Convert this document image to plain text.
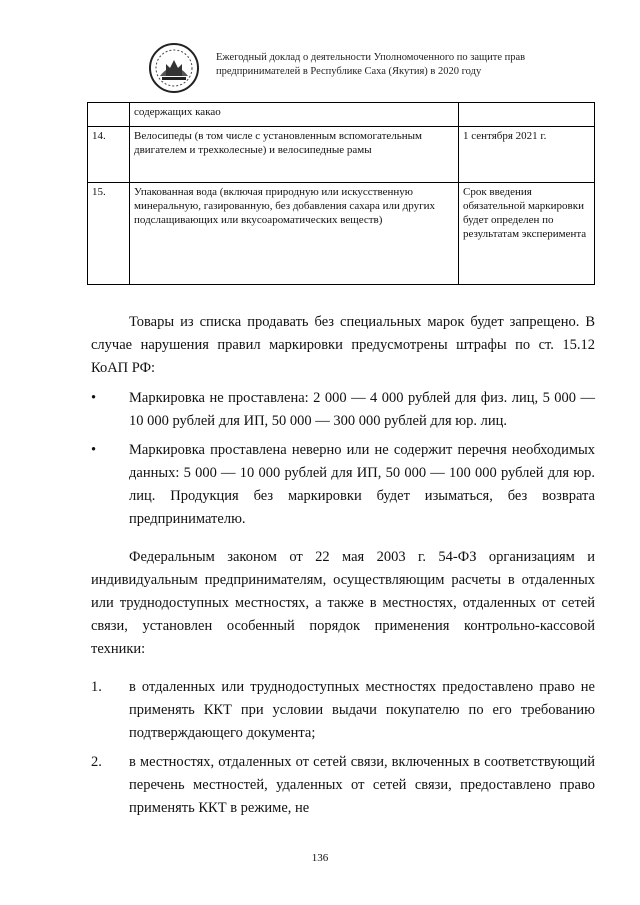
Ежегодный доклад о деятельности Уполномоченного по защите прав
предпринимателей в Республике Саха (Якутия) в 2020 году
	содержащих какао	
14.	Велосипеды (в том числе с установленным вспомогательным двигателем и трехколесные) и велосипедные рамы	1 сентября 2021 г.
15.	Упакованная вода (включая природную или искусственную минеральную, газированную, без добавления сахара или других подслащивающих или вкусоароматических веществ)	Срок введения обязательной маркировки будет определен по результатам эксперимента
Товары из списка продавать без специальных марок будет запрещено. В случае нарушения правил маркировки предусмотрены штрафы по ст. 15.12 КоАП РФ:
• Маркировка не проставлена: 2 000 — 4 000 рублей для физ. лиц, 5 000 — 10 000 рублей для ИП, 50 000 — 300 000 рублей для юр. лиц.
• Маркировка проставлена неверно или не содержит перечня необходимых данных: 5 000 — 10 000 рублей для ИП, 50 000 — 100 000 рублей для юр. лиц. Продукция без маркировки будет изыматься, без возврата предпринимателю.
Федеральным законом от 22 мая 2003 г. 54-ФЗ организациям и индивидуальным предпринимателям, осуществляющим расчеты в отдаленных или труднодоступных местностях, а также в местностях, отдаленных от сетей связи, установлен особенный порядок применения контрольно-кассовой техники:
1. в отдаленных или труднодоступных местностях предоставлено право не применять ККТ при условии выдачи покупателю по его требованию подтверждающего документа;
2. в местностях, отдаленных от сетей связи, включенных в соответствующий перечень местностей, удаленных от сетей связи, предоставлено право применять ККТ в режиме, не
136
